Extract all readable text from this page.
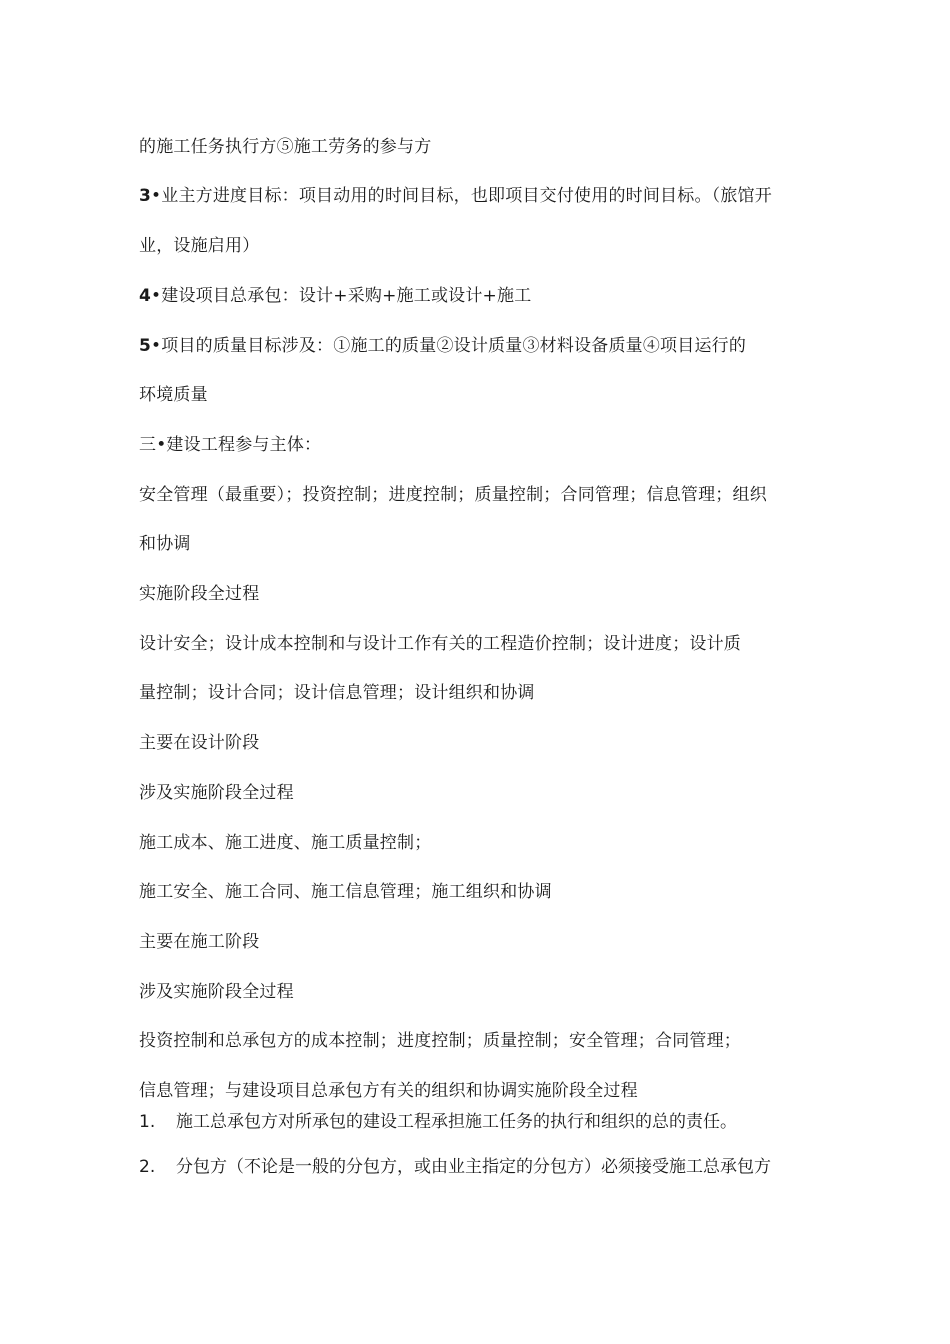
的施工任务执行方⑤施工劳务的参与方
3•业主方进度目标：项目动用的时间目标，也即项目交付使用的时间目标。（旅馆开
业，设施启用）
4•建设项目总承包：设计+采购+施工或设计+施工
5•项目的质量目标涉及：①施工的质量②设计质量③材料设备质量④项目运行的
环境质量
三•建设工程参与主体：
安全管理（最重要）；投资控制；进度控制；质量控制；合同管理；信息管理；组织
和协调
实施阶段全过程
设计安全；设计成本控制和与设计工作有关的工程造价控制；设计进度；设计质
量控制；设计合同；设计信息管理；设计组织和协调
主要在设计阶段
涉及实施阶段全过程
施工成本、施工进度、施工质量控制；
施工安全、施工合同、施工信息管理；施工组织和协调
主要在施工阶段
涉及实施阶段全过程
投资控制和总承包方的成本控制；进度控制；质量控制；安全管理；合同管理；
信息管理；与建设项目总承包方有关的组织和协调实施阶段全过程
1. 施工总承包方对所承包的建设工程承担施工任务的执行和组织的总的责任。
2. 分包方（不论是一般的分包方，或由业主指定的分包方）必须接受施工总承包方
